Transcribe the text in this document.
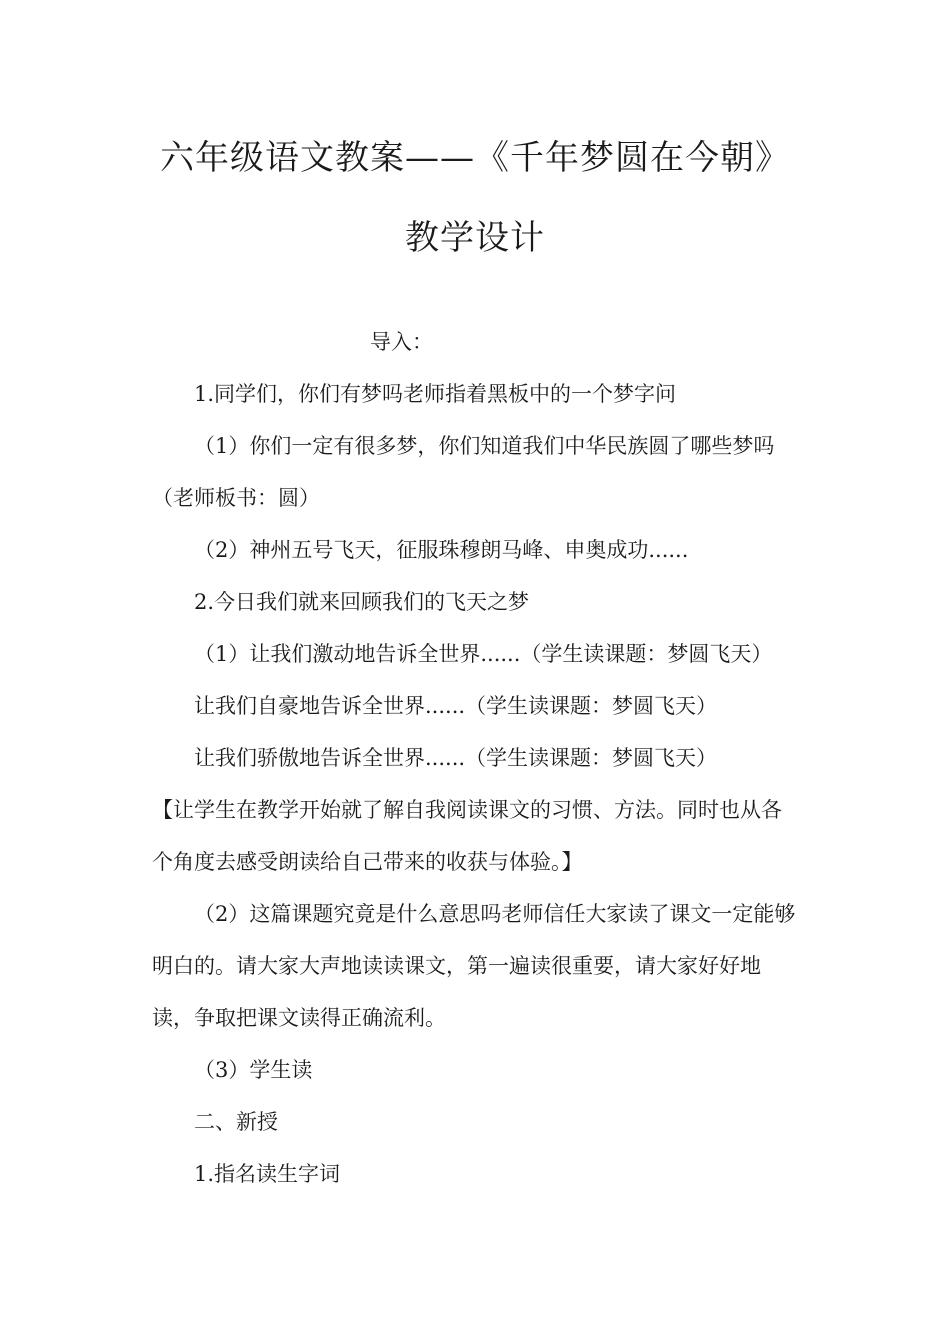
六年级语文教案——《千年梦圆在今朝》教学设计

导入：

1.同学们，你们有梦吗老师指着黑板中的一个梦字问

（1）你们一定有很多梦，你们知道我们中华民族圆了哪些梦吗（老师板书：圆）

（2）神州五号飞天，征服珠穆朗马峰、申奥成功......

2.今日我们就来回顾我们的飞天之梦

（1）让我们激动地告诉全世界......（学生读课题：梦圆飞天）

让我们自豪地告诉全世界......（学生读课题：梦圆飞天）

让我们骄傲地告诉全世界......（学生读课题：梦圆飞天）

【让学生在教学开始就了解自我阅读课文的习惯、方法。同时也从各个角度去感受朗读给自己带来的收获与体验。】

（2）这篇课题究竟是什么意思吗老师信任大家读了课文一定能够明白的。请大家大声地读读课文，第一遍读很重要，请大家好好地读，争取把课文读得正确流利。

（3）学生读

二、新授

1.指名读生字词
